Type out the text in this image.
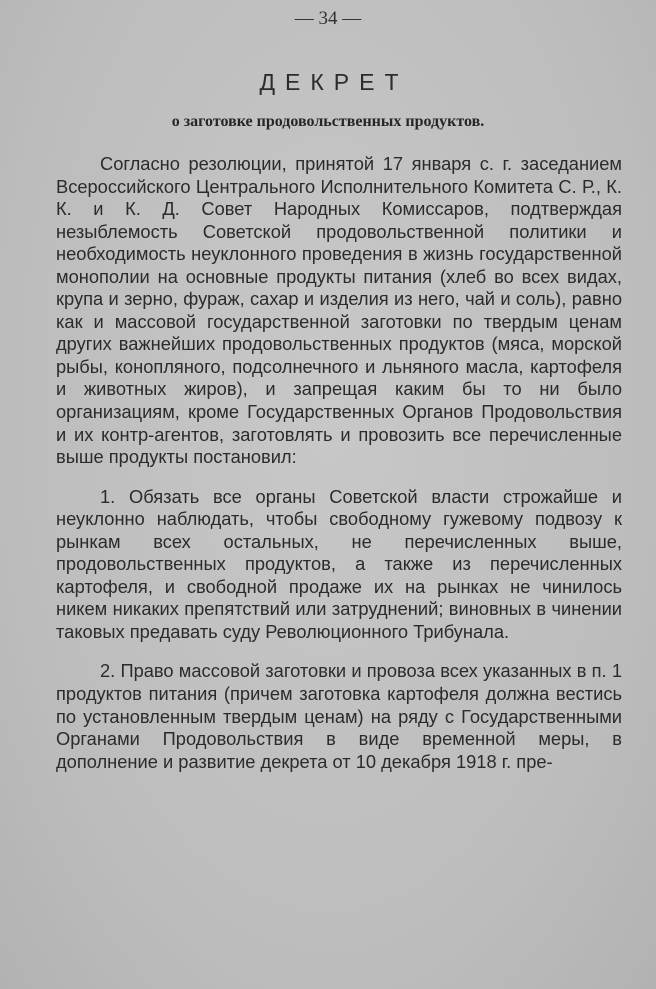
— 34 —
ДЕКРЕТ
о заготовке продовольственных продуктов.

Согласно резолюции, принятой 17 января с. г. заседанием Всероссийского Центрального Исполнительного Комитета С. Р., К. К. и К. Д. Совет Народных Комиссаров, подтверждая незыблемость Советской продовольственной политики и необходимость неуклонного проведения в жизнь государственной монополии на основные продукты питания (хлеб во всех видах, крупа и зерно, фураж, сахар и изделия из него, чай и соль), равно как и массовой государственной заготовки по твердым ценам других важнейших продовольственных продуктов (мяса, морской рыбы, конопляного, подсолнечного и льняного масла, картофеля и животных жиров), и запрещая каким бы то ни было организациям, кроме Государственных Органов Продовольствия и их контр-агентов, заготовлять и провозить все перечисленные выше продукты постановил:

1. Обязать все органы Советской власти строжайше и неуклонно наблюдать, чтобы свободному гужевому подвозу к рынкам всех остальных, не перечисленных выше, продовольственных продуктов, а также из перечисленных картофеля, и свободной продаже их на рынках не чинилось никем никаких препятствий или затруднений; виновных в чинении таковых предавать суду Революционного Трибунала.

2. Право массовой заготовки и провоза всех указанных в п. 1 продуктов питания (причем заготовка картофеля должна вестись по установленным твердым ценам) на ряду с Государственными Органами Продовольствия в виде временной меры, в дополнение и развитие декрета от 10 декабря 1918 г. пре-
